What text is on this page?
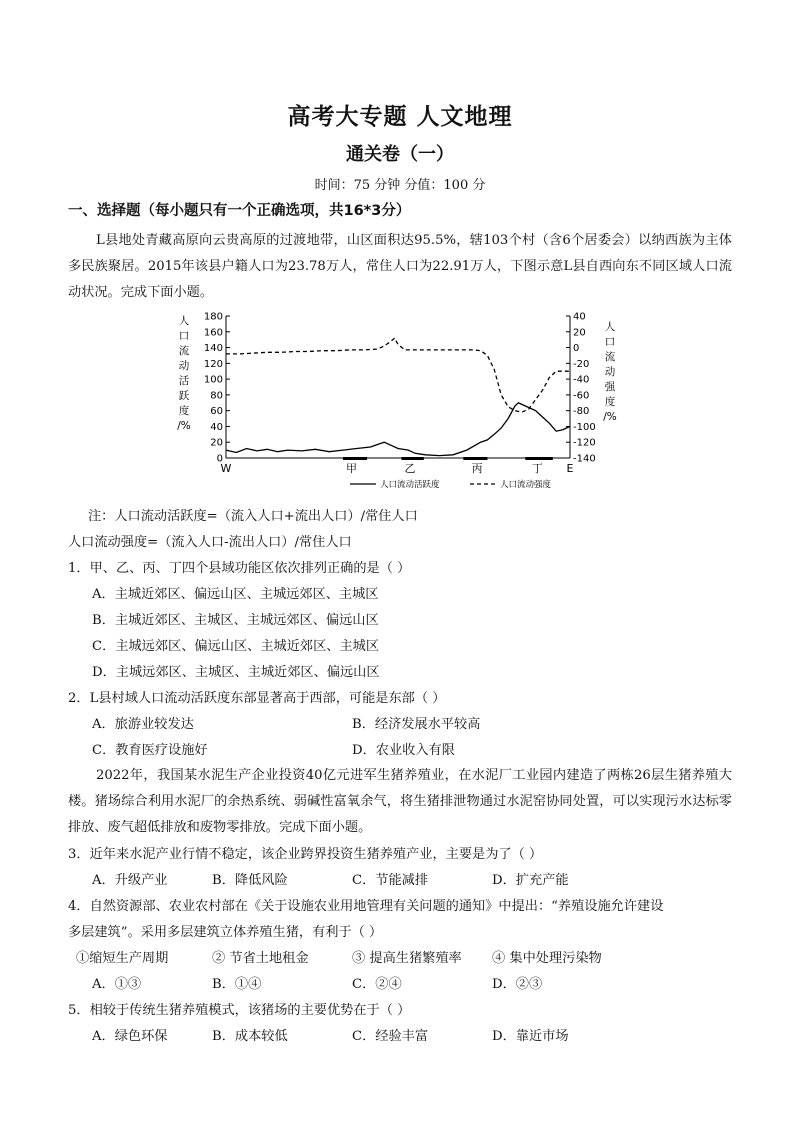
高考大专题 人文地理
通关卷（一）
时间：75 分钟 分值：100 分
一、选择题（每小题只有一个正确选项，共16*3分）
L县地处青藏高原向云贵高原的过渡地带，山区面积达95.5%，辖103个村（含6个居委会）以纳西族为主体多民族聚居。2015年该县户籍人口为23.78万人，常住人口为22.91万人，下图示意L县自西向东不同区域人口流动状况。完成下面小题。
人
口
流
动
活
跃
度
/%
人
口
流
动
强
度
/%
180
160
140
120
100
80
60
40
20
0
40
20
0
-20
-40
-60
-80
-100
-120
-140
W	甲	乙	丙	丁 E
人口流动活跃度	人口流动强度
注：人口流动活跃度=（流入人口+流出人口）/常住人口
人口流动强度=（流入人口-流出人口）/常住人口
1．甲、乙、丙、丁四个县域功能区依次排列正确的是（ ）
A．主城近郊区、偏远山区、主城远郊区、主城区
B．主城近郊区、主城区、主城远郊区、偏远山区
C．主城远郊区、偏远山区、主城近郊区、主城区
D．主城远郊区、主城区、主城近郊区、偏远山区
2．L县村域人口流动活跃度东部显著高于西部，可能是东部（ ）
A．旅游业较发达	B．经济发展水平较高
C．教育医疗设施好	D．农业收入有限
2022年，我国某水泥生产企业投资40亿元进军生猪养殖业，在水泥厂工业园内建造了两栋26层生猪养殖大楼。猪场综合利用水泥厂的余热系统、弱碱性富氧余气，将生猪排泄物通过水泥窑协同处置，可以实现污水达标零排放、废气超低排放和废物零排放。完成下面小题。
3．近年来水泥产业行情不稳定，该企业跨界投资生猪养殖产业，主要是为了（ ）
A．升级产业	B．降低风险	C．节能减排	D．扩充产能
4．自然资源部、农业农村部在《关于设施农业用地管理有关问题的通知》中提出：“养殖设施允许建设
多层建筑”。采用多层建筑立体养殖生猪，有利于（ ）
①缩短生产周期	② 节省土地租金	③ 提高生猪繁殖率 ④ 集中处理污染物
A．①③	B．①④	C．②④	D．②③
5．相较于传统生猪养殖模式，该猪场的主要优势在于（ ）
A．绿色环保	B．成本较低	C．经验丰富	D．靠近市场
